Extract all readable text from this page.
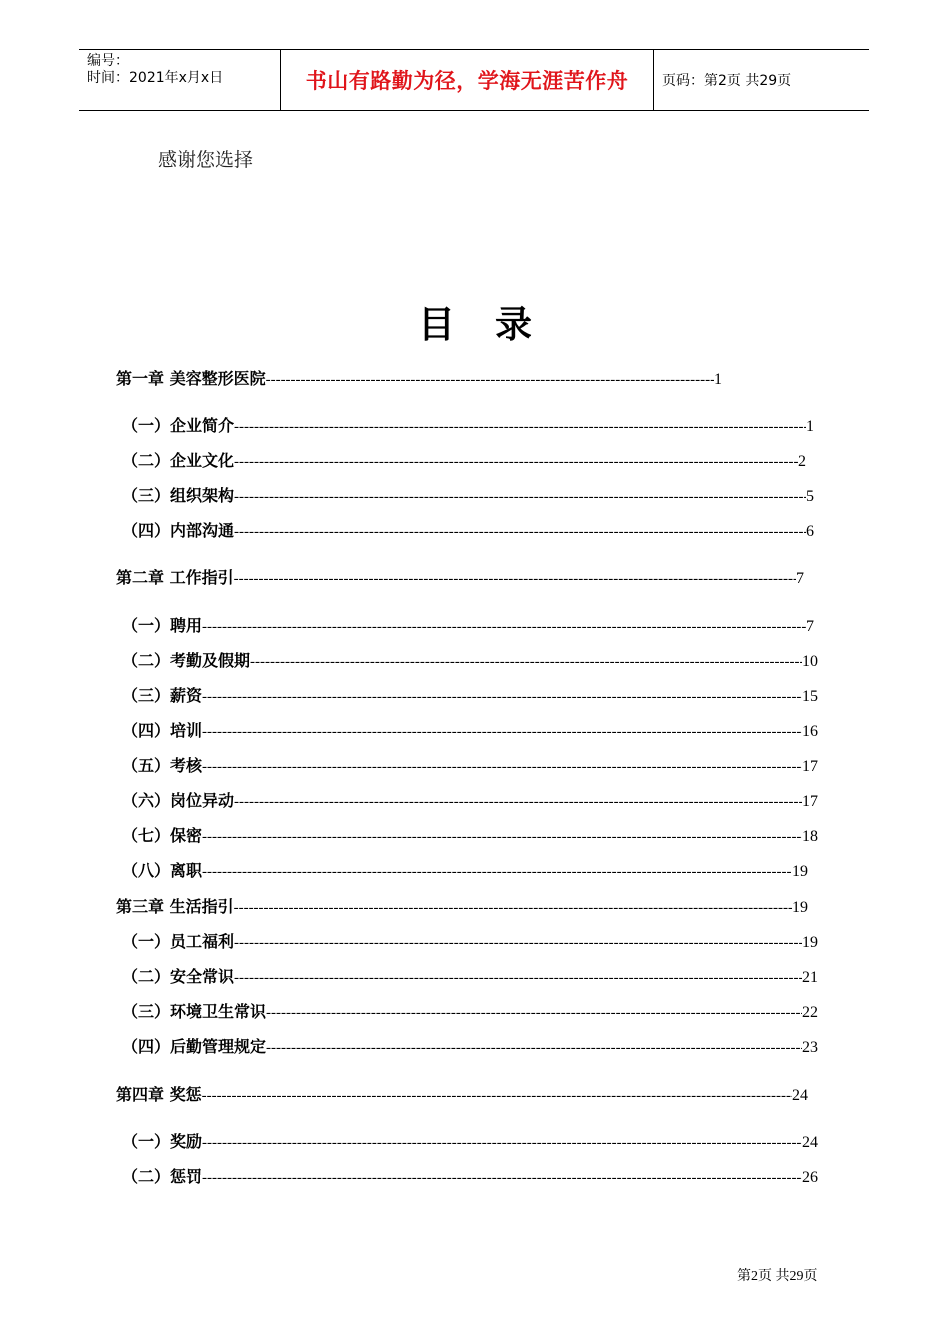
编号：
时间：2021年x月x日	书山有路勤为径，学海无涯苦作舟 页码：第2页 共29页
感谢您选择
目录
第一章 美容整形医院 -----	1
（一）企业简介 -----	1
（二）企业文化 -----	2
（三）组织架构 -----	5
（四）内部沟通 -----	6
第二章 工作指引 -----	7
（一）聘用 -----	7
（二）考勤及假期 -----	10
（三）薪资 -----	15
（四）培训 -----	16
（五）考核 -----	17
（六）岗位异动 -----	17
（七）保密 -----	18
（八）离职 -----	19
第三章 生活指引 -----	19
（一）员工福利 -----	19
（二）安全常识 -----	21
（三）环境卫生常识 -----	22
（四）后勤管理规定 -----	23
第四章 奖惩 -----	24
（一）奖励 -----	24
（二）惩罚 -----	26
第2页 共29页
